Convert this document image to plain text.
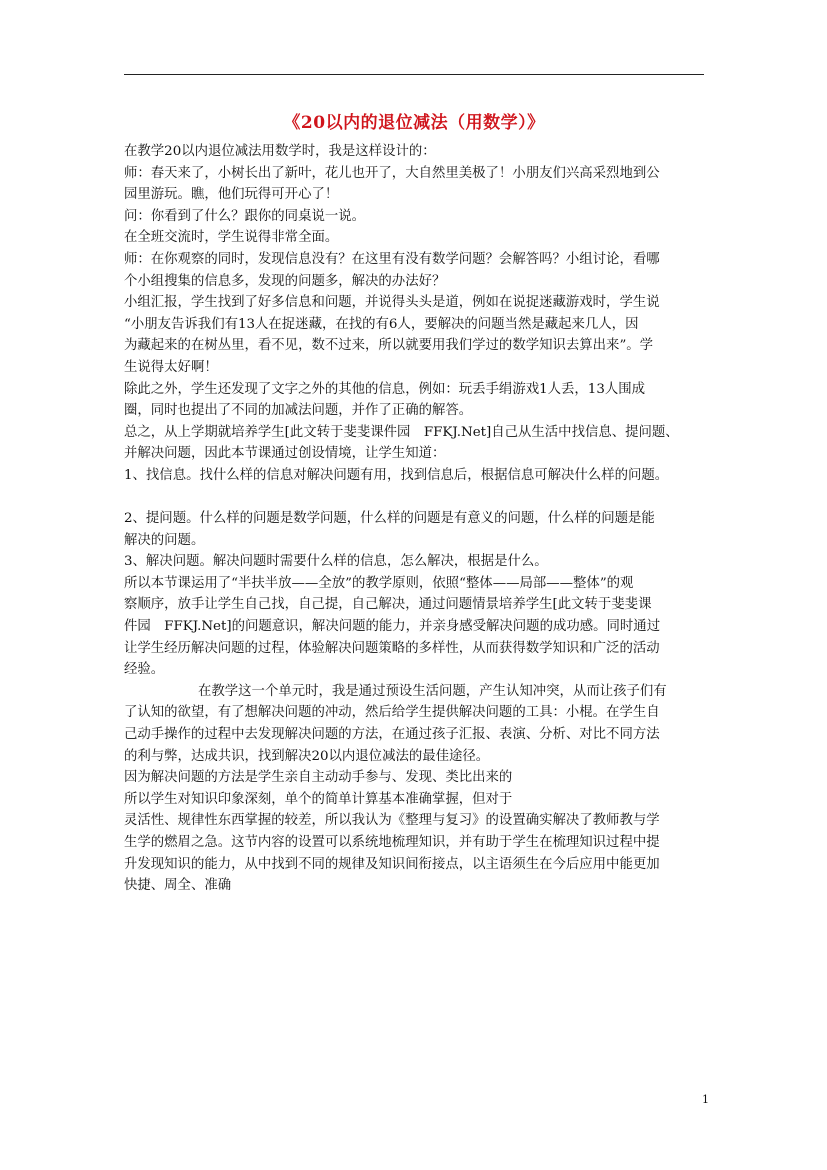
《20以内的退位减法（用数学）》

在教学20以内退位减法用数学时，我是这样设计的：

师：春天来了，小树长出了新叶，花儿也开了，大自然里美极了！小朋友们兴高采烈地到公

园里游玩。瞧，他们玩得可开心了！

问：你看到了什么？跟你的同桌说一说。

在全班交流时，学生说得非常全面。

师：在你观察的同时，发现信息没有？在这里有没有数学问题？会解答吗？小组讨论，看哪

个小组搜集的信息多，发现的问题多，解决的办法好？

小组汇报，学生找到了好多信息和问题，并说得头头是道，例如在说捉迷藏游戏时，学生说

“小朋友告诉我们有13人在捉迷藏，在找的有6人，要解决的问题当然是藏起来几人，因

为藏起来的在树丛里，看不见，数不过来，所以就要用我们学过的数学知识去算出来”。学

生说得太好啊！

除此之外，学生还发现了文字之外的其他的信息，例如：玩丢手绢游戏1人丢，13人围成

圈，同时也提出了不同的加减法问题，并作了正确的解答。

总之，从上学期就培养学生[此文转于斐斐课件园　FFKJ.Net]自己从生活中找信息、提问题、

并解决问题，因此本节课通过创设情境，让学生知道：

1、找信息。找什么样的信息对解决问题有用，找到信息后，根据信息可解决什么样的问题。

2、提问题。什么样的问题是数学问题，什么样的问题是有意义的问题，什么样的问题是能

解决的问题。

3、解决问题。解决问题时需要什么样的信息，怎么解决，根据是什么。

所以本节课运用了“半扶半放——全放”的教学原则，依照“整体——局部——整体”的观

察顺序，放手让学生自己找，自己提，自己解决，通过问题情景培养学生[此文转于斐斐课

件园　FFKJ.Net]的问题意识，解决问题的能力，并亲身感受解决问题的成功感。同时通过

让学生经历解决问题的过程，体验解决问题策略的多样性，从而获得数学知识和广泛的活动

经验。

在教学这一个单元时，我是通过预设生活问题，产生认知冲突，从而让孩子们有

了认知的欲望，有了想解决问题的冲动，然后给学生提供解决问题的工具：小棍。在学生自

己动手操作的过程中去发现解决问题的方法，在通过孩子汇报、表演、分析、对比不同方法

的利与弊，达成共识，找到解决20以内退位减法的最佳途径。

因为解决问题的方法是学生亲自主动动手参与、发现、类比出来的

所以学生对知识印象深刻，单个的简单计算基本准确掌握，但对于

灵活性、规律性东西掌握的较差，所以我认为《整理与复习》的设置确实解决了教师教与学

生学的燃眉之急。这节内容的设置可以系统地梳理知识，并有助于学生在梳理知识过程中提

升发现知识的能力，从中找到不同的规律及知识间衔接点，以主语须生在今后应用中能更加

快捷、周全、准确

1
